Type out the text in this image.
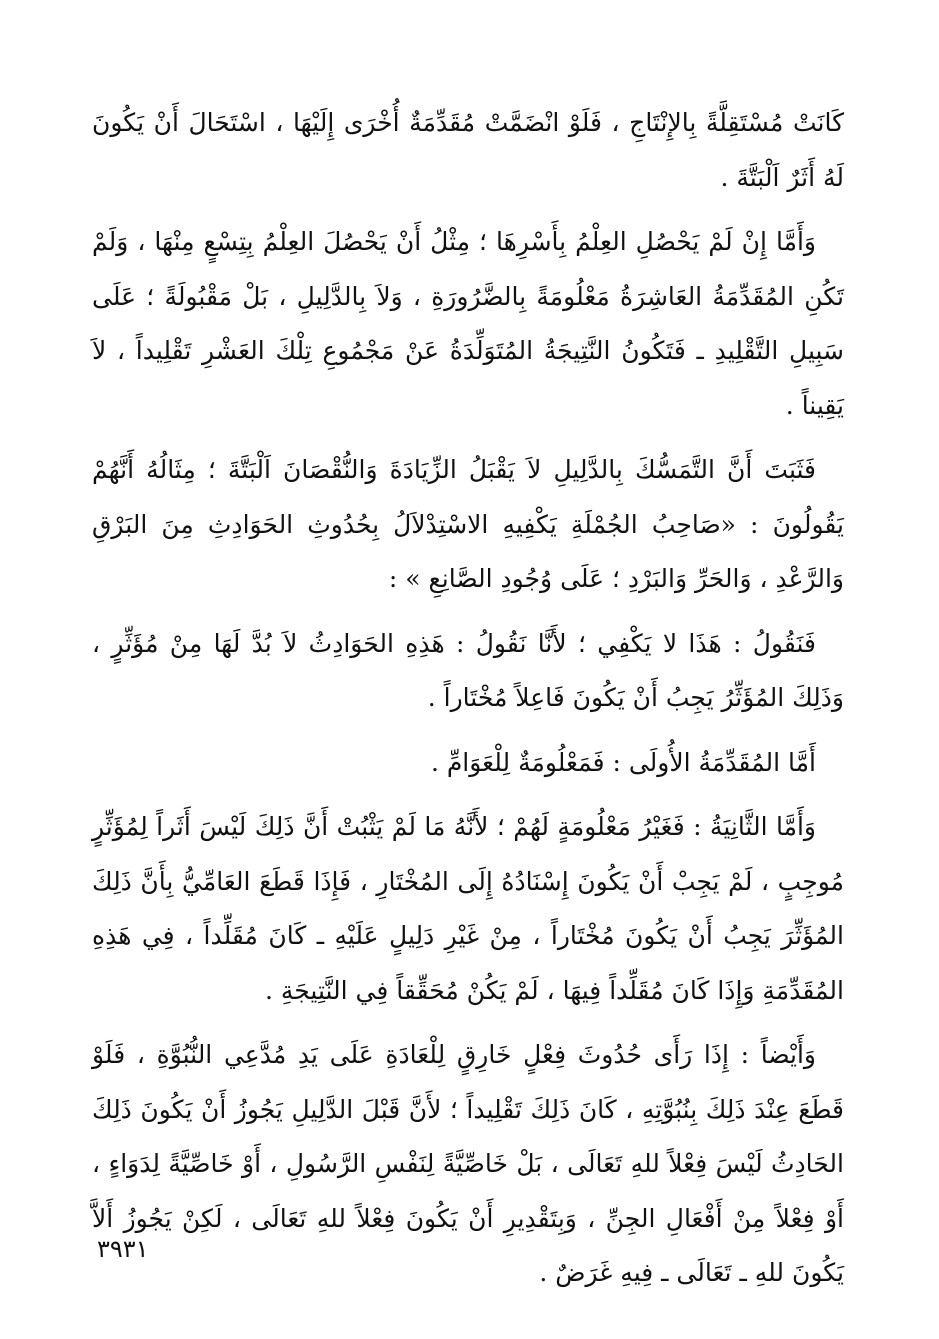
كَانَتْ مُسْتَقِلَّةً بِالإِنْتَاجِ ، فَلَوْ انْضَمَّتْ مُقَدِّمَةٌ أُخْرَى إِلَيْهَا ، اسْتَحَالَ أَنْ يَكُونَ لَهُ أَثَرٌ اَلْبَتَّةَ .

وَأَمَّا إِنْ لَمْ يَحْصُلِ العِلْمُ بِأَسْرِهَا ؛ مِثْلُ أَنْ يَحْصُلَ العِلْمُ بِتِسْعٍ مِنْهَا ، وَلَمْ تَكُنِ المُقَدِّمَةُ العَاشِرَةُ مَعْلُومَةً بِالضَّرُورَةِ ، وَلاَ بِالدَّلِيلِ ، بَلْ مَقْبُولَةً ؛ عَلَى سَبِيلِ التَّقْلِيدِ ـ فَتَكُونُ النَّتِيجَةُ المُتَوَلِّدَةُ عَنْ مَجْمُوعِ تِلْكَ العَشْرِ تَقْلِيداً ، لاَ يَقِيناً .

فَثَبَتَ أَنَّ التَّمَسُّكَ بِالدَّلِيلِ لاَ يَقْبَلُ الزِّيَادَةَ وَالنُّقْصَانَ اَلْبَتَّةَ ؛ مِثَالُهُ أَنَّهُمْ يَقُولُونَ : «صَاحِبُ الجُمْلَةِ يَكْفِيهِ الاسْتِدْلاَلُ بِحُدُوثِ الحَوَادِثِ مِنَ البَرْقِ وَالرَّعْدِ ، وَالحَرِّ وَالبَرْدِ ؛ عَلَى وُجُودِ الصَّانِعِ » :

فَنَقُولُ : هَذَا لا يَكْفِي ؛ لأَنَّا نَقُولُ : هَذِهِ الحَوَادِثُ لاَ بُدَّ لَهَا مِنْ مُؤَثِّرٍ ، وَذَلِكَ المُؤَثِّرُ يَجِبُ أَنْ يَكُونَ فَاعِلاً مُخْتَاراً .

أَمَّا المُقَدِّمَةُ الأُولَى : فَمَعْلُومَةٌ لِلْعَوَامِّ .

وَأَمَّا الثَّانِيَةُ : فَغَيْرُ مَعْلُومَةٍ لَهُمْ ؛ لأَنَّهُ مَا لَمْ يَثْبُتْ أَنَّ ذَلِكَ لَيْسَ أَثَراً لِمُؤَثِّرٍ مُوجِبٍ ، لَمْ يَجِبْ أَنْ يَكُونَ إِسْنَادُهُ إِلَى المُخْتَارِ ، فَإِذَا قَطَعَ العَامِّيُّ بِأَنَّ ذَلِكَ المُؤَثِّرَ يَجِبُ أَنْ يَكُونَ مُخْتَاراً ، مِنْ غَيْرِ دَلِيلٍ عَلَيْهِ ـ كَانَ مُقَلِّداً ، فِي هَذِهِ المُقَدِّمَةِ وَإِذَا كَانَ مُقَلِّداً فِيهَا ، لَمْ يَكُنْ مُحَقِّقاً فِي النَّتِيجَةِ .

وَأَيْضاً : إِذَا رَأَى حُدُوثَ فِعْلٍ خَارِقٍ لِلْعَادَةِ عَلَى يَدِ مُدَّعِي النُّبُوَّةِ ، فَلَوْ قَطَعَ عِنْدَ ذَلِكَ بِنُبُوَّتِهِ ، كَانَ ذَلِكَ تَقْلِيداً ؛ لأَنَّ قَبْلَ الدَّلِيلِ يَجُوزُ أَنْ يَكُونَ ذَلِكَ الحَادِثُ لَيْسَ فِعْلاً للهِ تَعَالَى ، بَلْ خَاصِّيَّةً لِنَفْسِ الرَّسُولِ ، أَوْ خَاصِّيَّةً لِدَوَاءٍ ، أَوْ فِعْلاً مِنْ أَفْعَالِ الجِنِّ ، وَبِتَقْدِيرِ أَنْ يَكُونَ فِعْلاً للهِ تَعَالَى ، لَكِنْ يَجُوزُ أَلاَّ يَكُونَ للهِ ـ تَعَالَى ـ فِيهِ غَرَضٌ .

٣٩٣١
